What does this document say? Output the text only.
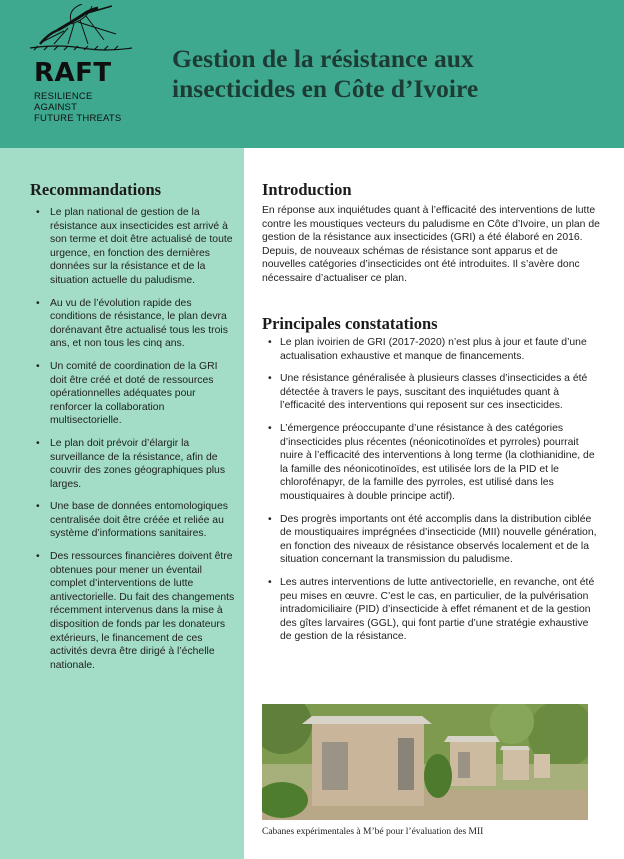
RAFT
RESILIENCE AGAINST
FUTURE THREATS
Gestion de la résistance aux
insecticides en Côte d’Ivoire
Recommandations
• Le plan national de gestion de la résistance aux insecticides est arrivé à son terme et doit être actualisé de toute urgence, en fonction des dernières données sur la résistance et de la situation actuelle du paludisme.
• Au vu de l’évolution rapide des conditions de résistance, le plan devra dorénavant être actualisé tous les trois ans, et non tous les cinq ans.
• Un comité de coordination de la GRI doit être créé et doté de ressources opérationnelles adéquates pour renforcer la collaboration multisectorielle.
• Le plan doit prévoir d’élargir la surveillance de la résistance, afin de couvrir des zones géographiques plus larges.
• Une base de données entomologiques centralisée doit être créée et reliée au système d’informations sanitaires.
• Des ressources financières doivent être obtenues pour mener un éventail complet d’interventions de lutte antivectorielle. Du fait des changements récemment intervenus dans la mise à disposition de fonds par les donateurs extérieurs, le financement de ces activités devra être dirigé à l’échelle nationale.
Introduction

En réponse aux inquiétudes quant à l’efficacité des interventions de lutte contre les moustiques vecteurs du paludisme en Côte d’Ivoire, un plan de gestion de la résistance aux insecticides (GRI) a été élaboré en 2016. Depuis, de nouveaux schémas de résistance sont apparus et de nouvelles catégories d’insecticides ont été introduites. Il s’avère donc nécessaire d’actualiser ce plan.

Principales constatations
• Le plan ivoirien de GRI (2017-2020) n’est plus à jour et faute d’une actualisation exhaustive et manque de financements.
• Une résistance généralisée à plusieurs classes d’insecticides a été détectée à travers le pays, suscitant des inquiétudes quant à l’efficacité des interventions qui reposent sur ces insecticides.
• L’émergence préoccupante d’une résistance à des catégories d’insecticides plus récentes (néonicotinoïdes et pyrroles) pourrait nuire à l’efficacité des interventions à long terme (la clothianidine, de la famille des néonicotinoïdes, est utilisée lors de la PID et le chlorofénapyr, de la famille des pyrroles, est utilisé dans les moustiquaires à double principe actif).
• Des progrès importants ont été accomplis dans la distribution ciblée de moustiquaires imprégnées d’insecticide (MII) nouvelle génération, en fonction des niveaux de résistance observés localement et de la situation concernant la transmission du paludisme.
• Les autres interventions de lutte antivectorielle, en revanche, ont été peu mises en œuvre. C’est le cas, en particulier, de la pulvérisation intradomiciliaire (PID) d’insecticide à effet rémanent et de la gestion des gîtes larvaires (GGL), qui font partie d’une stratégie exhaustive de gestion de la résistance.
Cabanes expérimentales à M’bé pour l’évaluation des MII
